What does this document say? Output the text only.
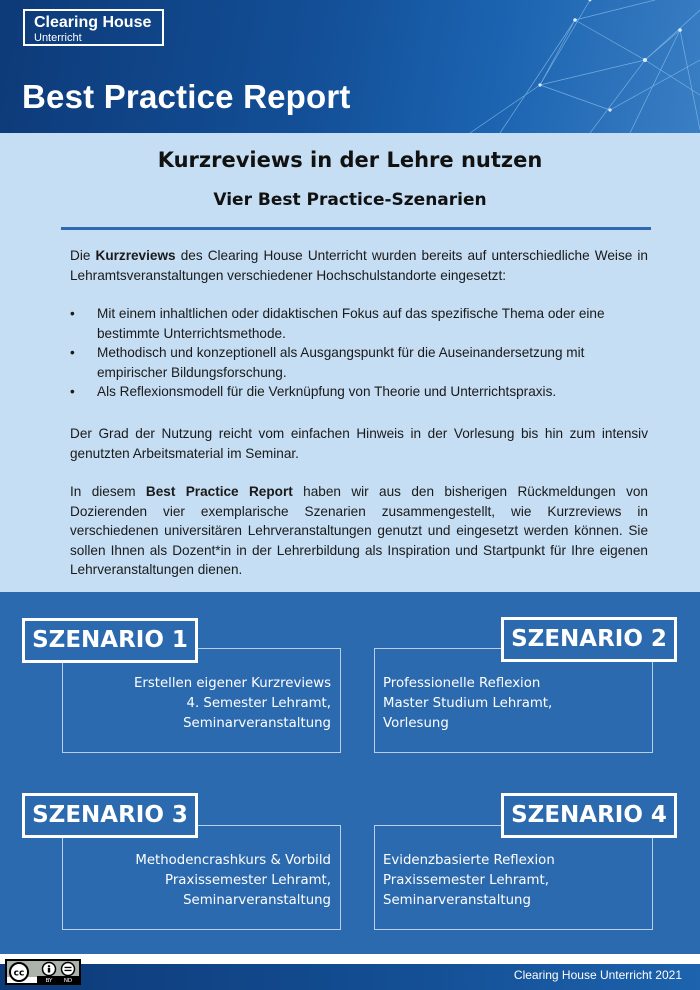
Clearing House
Unterricht
Best Practice Report
Kurzreviews in der Lehre nutzen
Vier Best Practice-Szenarien

Die Kurzreviews des Clearing House Unterricht wurden bereits auf unterschiedliche Weise in Lehramtsveranstaltungen verschiedener Hochschulstandorte eingesetzt:

• Mit einem inhaltlichen oder didaktischen Fokus auf das spezifische Thema oder eine bestimmte Unterrichtsmethode.
• Methodisch und konzeptionell als Ausgangspunkt für die Auseinandersetzung mit empirischer Bildungsforschung.
• Als Reflexionsmodell für die Verknüpfung von Theorie und Unterrichtspraxis.

Der Grad der Nutzung reicht vom einfachen Hinweis in der Vorlesung bis hin zum intensiv genutzten Arbeitsmaterial im Seminar.

In diesem Best Practice Report haben wir aus den bisherigen Rückmeldungen von Dozierenden vier exemplarische Szenarien zusammengestellt, wie Kurzreviews in verschiedenen universitären Lehrveranstaltungen genutzt und eingesetzt werden können. Sie sollen Ihnen als Dozent*in in der Lehrerbildung als Inspiration und Startpunkt für Ihre eigenen Lehrveranstaltungen dienen.

Erstellen eigener Kurzreviews
4. Semester Lehramt,
Seminarveranstaltung
SZENARIO 1
Professionelle Reflexion
Master Studium Lehramt,
Vorlesung
SZENARIO 2
Methodencrashkurs & Vorbild
Praxissemester Lehramt,
Seminarveranstaltung
SZENARIO 3
Evidenzbasierte Reflexion
Praxissemester Lehramt,
Seminarveranstaltung
SZENARIO 4
cc
BY ND	Clearing House Unterricht 2021
